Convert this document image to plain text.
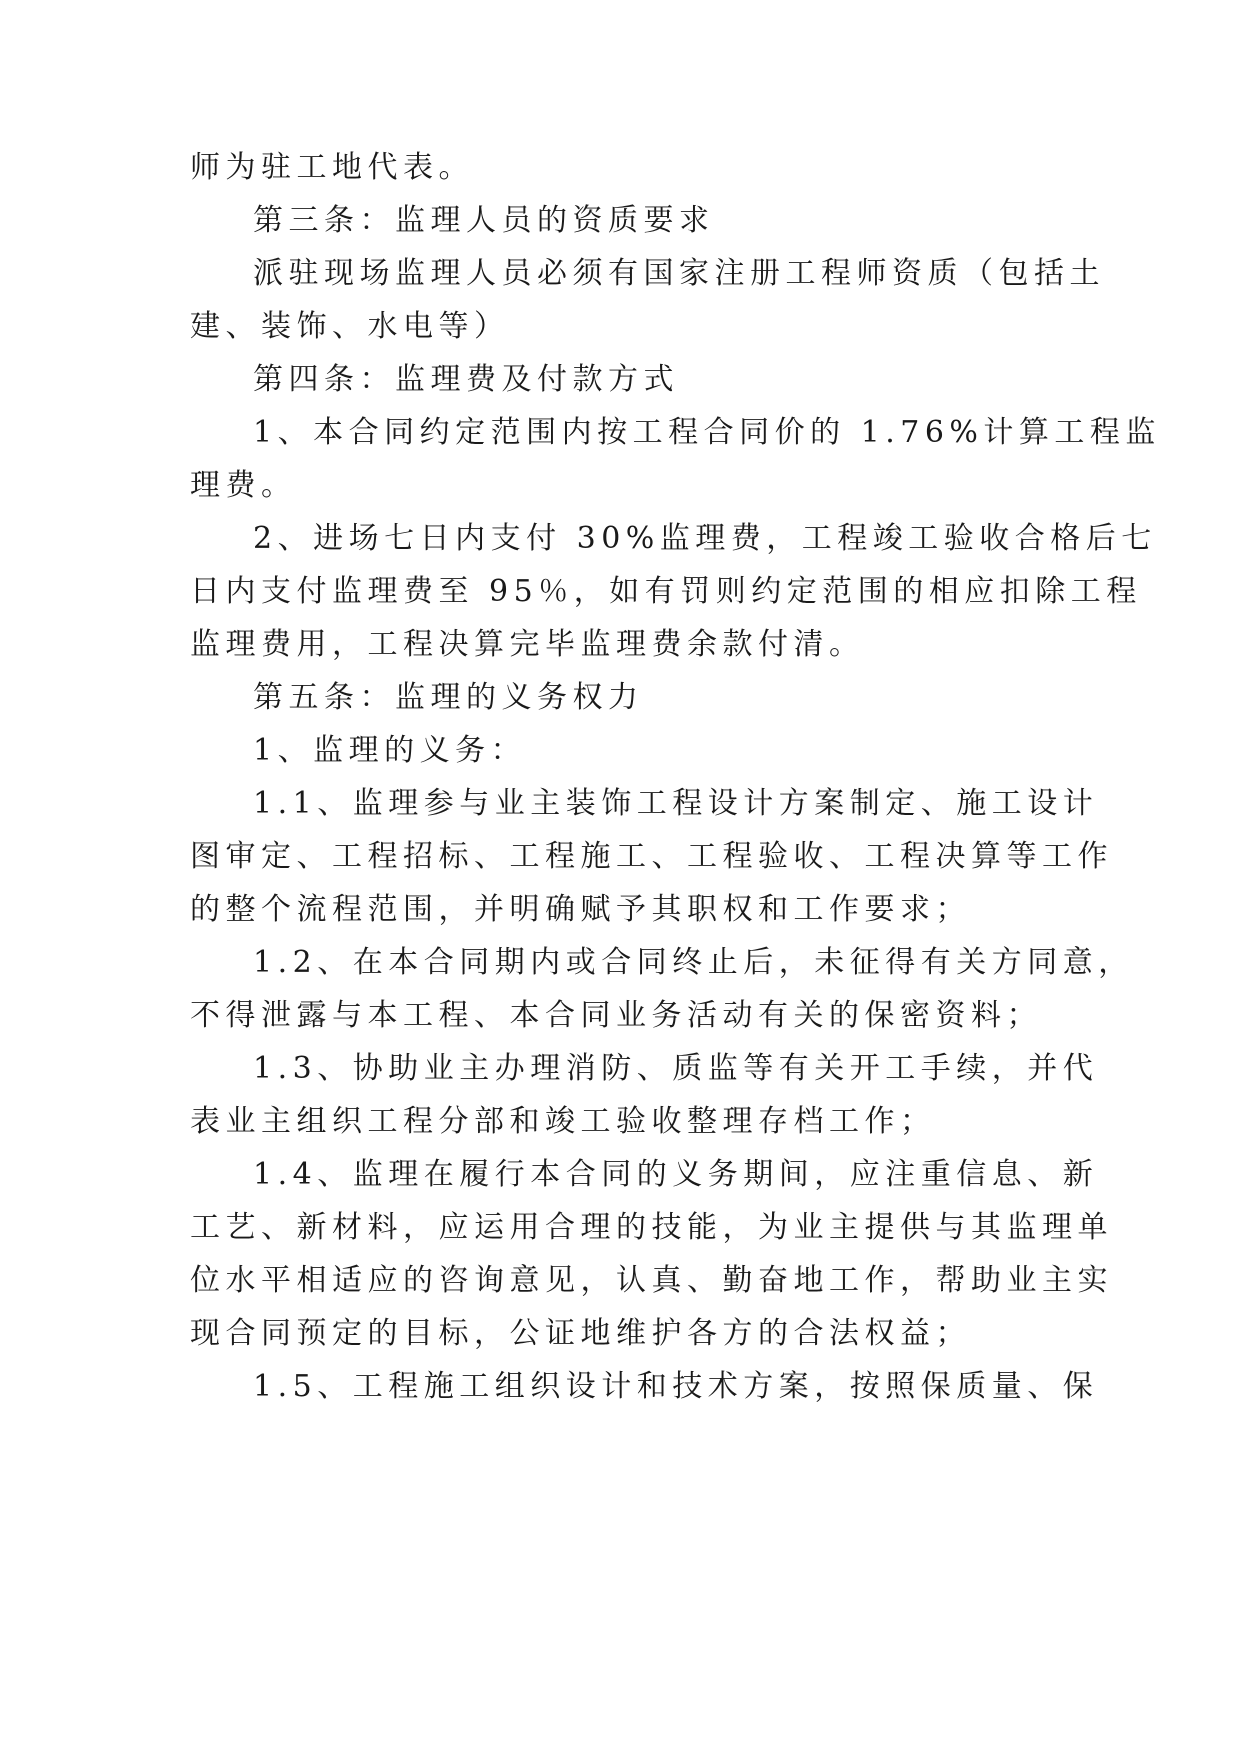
师为驻工地代表。
第三条：监理人员的资质要求
派驻现场监理人员必须有国家注册工程师资质（包括土
建、装饰、水电等）
第四条：监理费及付款方式
1、本合同约定范围内按工程合同价的 1.76%计算工程监
理费。
2、进场七日内支付 30%监理费，工程竣工验收合格后七
日内支付监理费至 95％，如有罚则约定范围的相应扣除工程
监理费用，工程决算完毕监理费余款付清。
第五条：监理的义务权力
1、监理的义务：
1.1、监理参与业主装饰工程设计方案制定、施工设计
图审定、工程招标、工程施工、工程验收、工程决算等工作
的整个流程范围，并明确赋予其职权和工作要求；
1.2、在本合同期内或合同终止后，未征得有关方同意，
不得泄露与本工程、本合同业务活动有关的保密资料；
1.3、协助业主办理消防、质监等有关开工手续，并代
表业主组织工程分部和竣工验收整理存档工作；
1.4、监理在履行本合同的义务期间，应注重信息、新
工艺、新材料，应运用合理的技能，为业主提供与其监理单
位水平相适应的咨询意见，认真、勤奋地工作，帮助业主实
现合同预定的目标，公证地维护各方的合法权益；
1.5、工程施工组织设计和技术方案，按照保质量、保
